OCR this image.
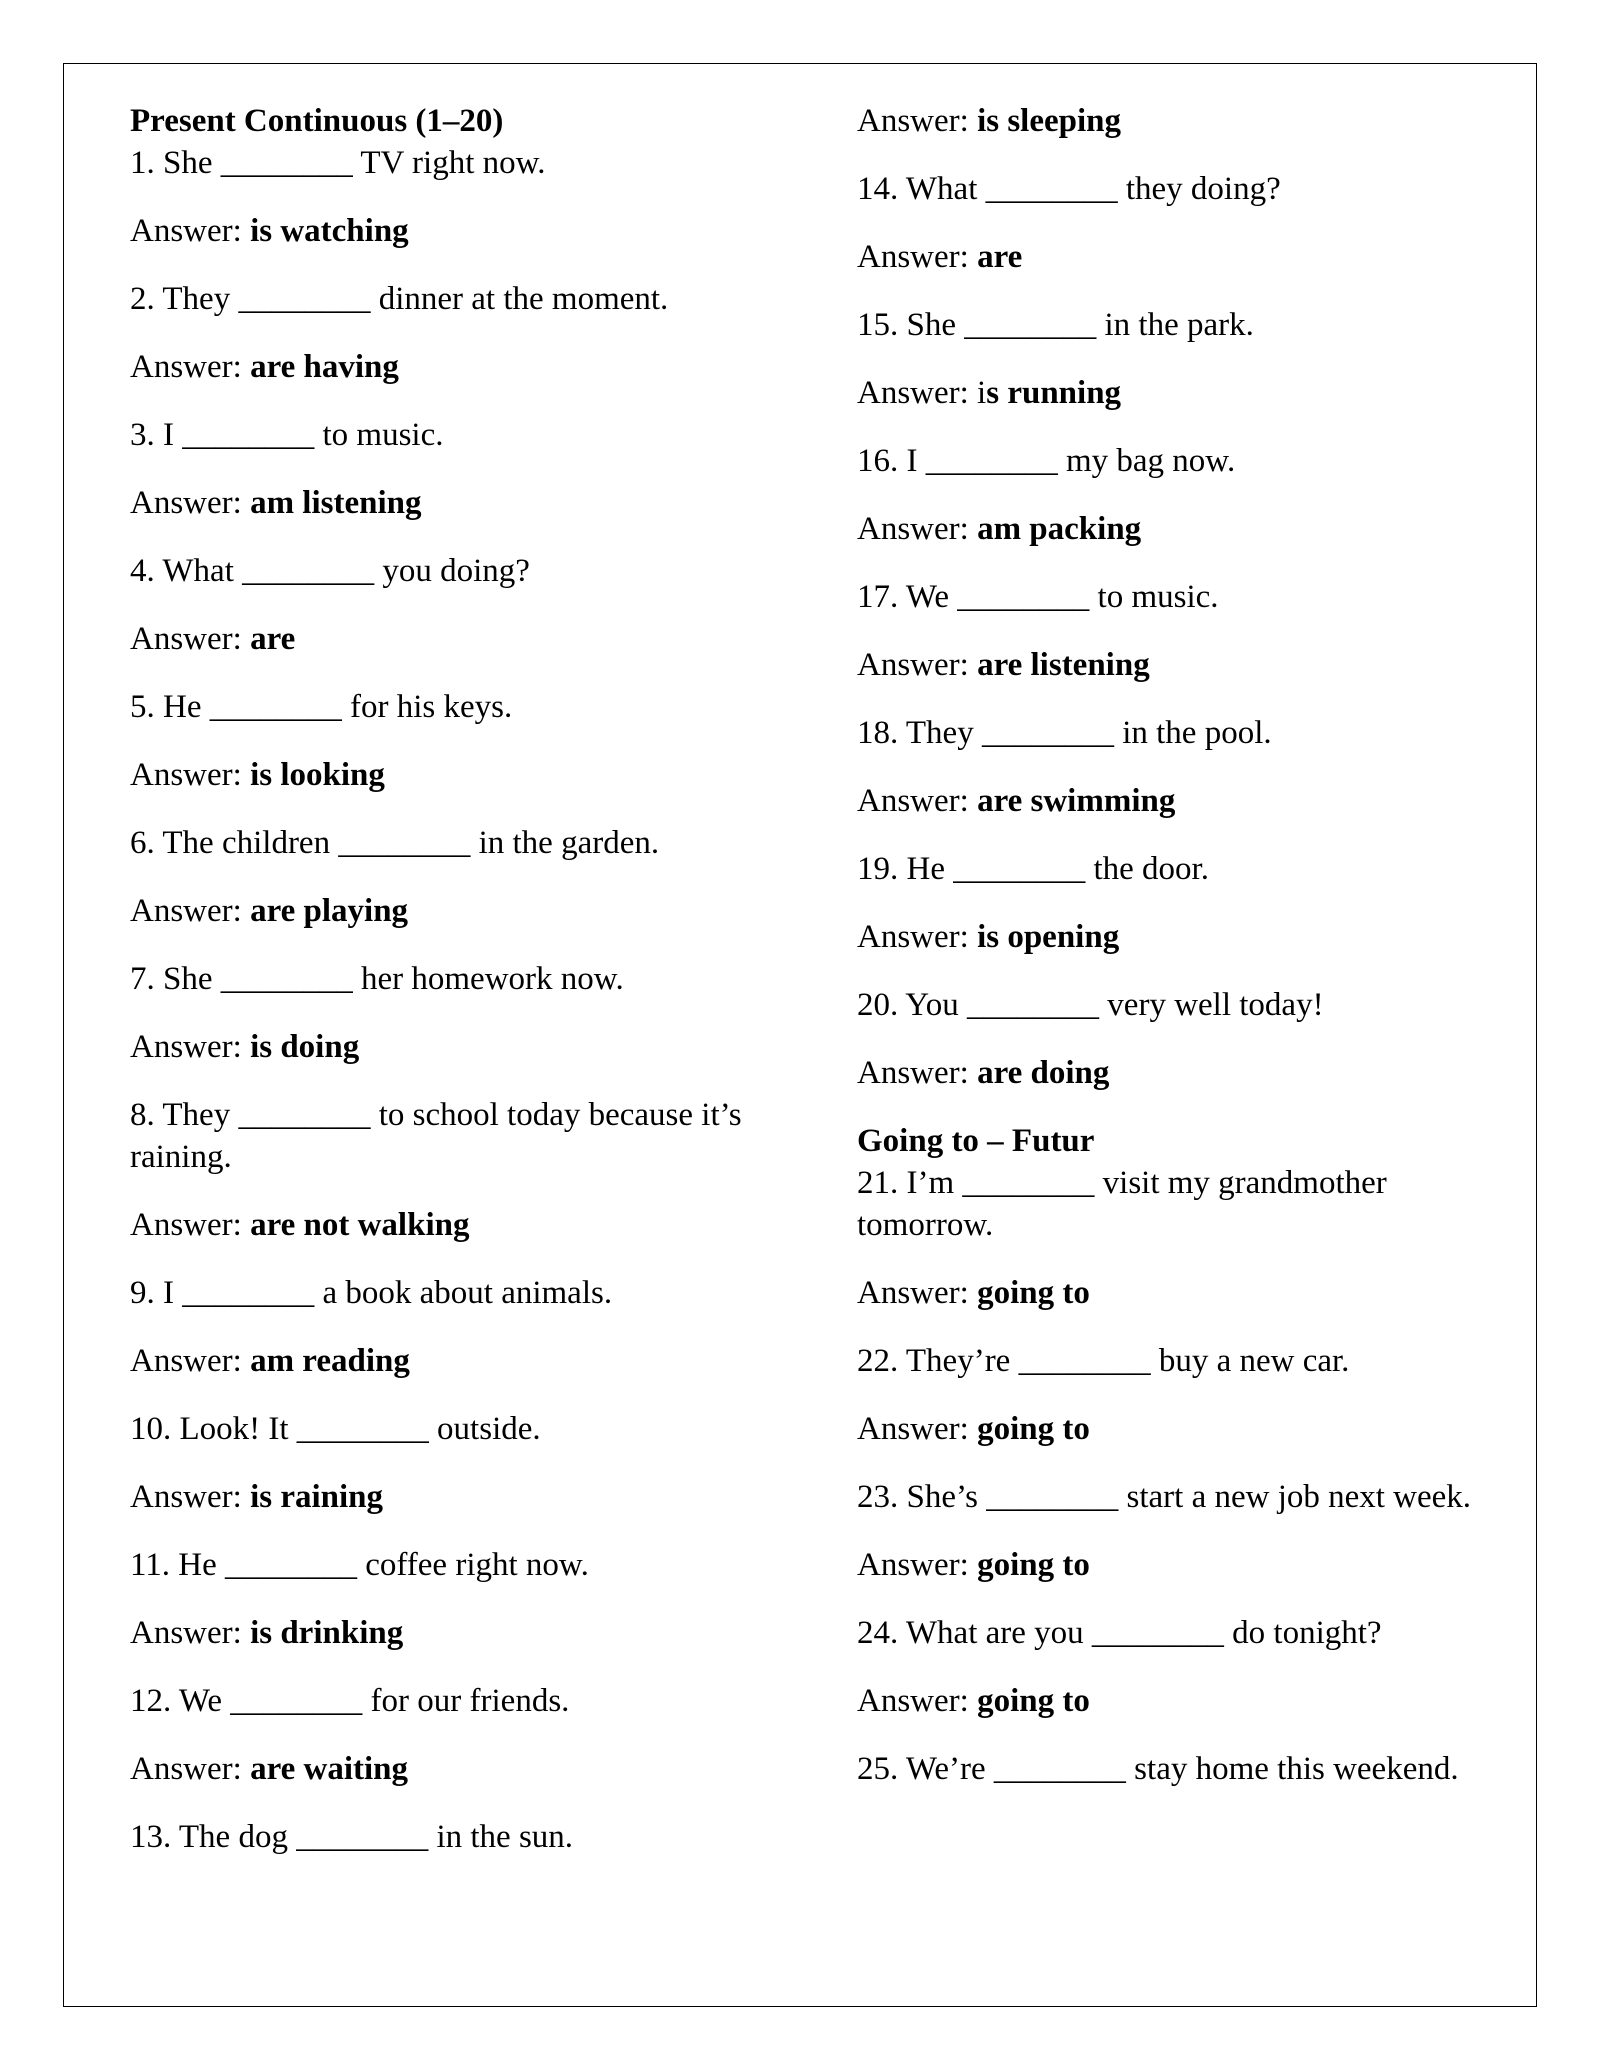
Present Continuous (1–20)

1. She ________ TV right now.

Answer: is watching

2. They ________ dinner at the moment.

Answer: are having

3. I ________ to music.

Answer: am listening

4. What ________ you doing?

Answer: are

5. He ________ for his keys.

Answer: is looking

6. The children ________ in the garden.

Answer: are playing

7. She ________ her homework now.

Answer: is doing

8. They ________ to school today because it’s raining.

Answer: are not walking

9. I ________ a book about animals.

Answer: am reading

10. Look! It ________ outside.

Answer: is raining

11. He ________ coffee right now.

Answer: is drinking

12. We ________ for our friends.

Answer: are waiting

13. The dog ________ in the sun.

Answer: is sleeping

14. What ________ they doing?

Answer: are

15. She ________ in the park.

Answer: is running

16. I ________ my bag now.

Answer: am packing

17. We ________ to music.

Answer: are listening

18. They ________ in the pool.

Answer: are swimming

19. He ________ the door.

Answer: is opening

20. You ________ very well today!

Answer: are doing

Going to – Futur

21. I’m ________ visit my grandmother tomorrow.

Answer: going to

22. They’re ________ buy a new car.

Answer: going to

23. She’s ________ start a new job next week.

Answer: going to

24. What are you ________ do tonight?

Answer: going to

25. We’re ________ stay home this weekend.
